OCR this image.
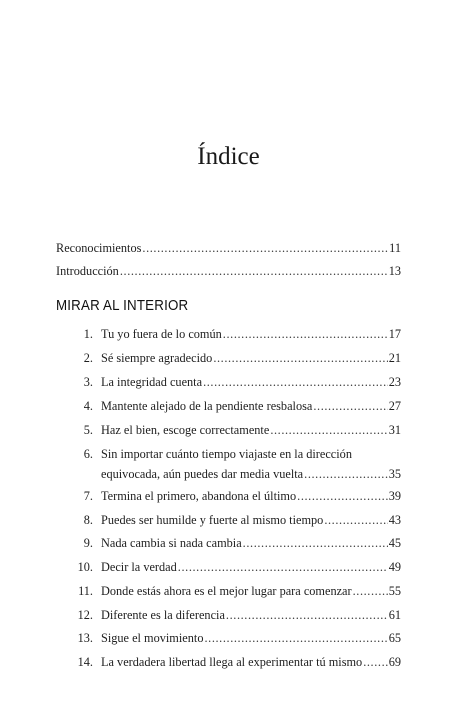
Índice
Reconocimientos .....	11
Introducción .....	13
MIRAR AL INTERIOR
1. Tu yo fuera de lo común .....	17
2. Sé siempre agradecido .....	21
3. La integridad cuenta .....	23
4. Mantente alejado de la pendiente resbalosa .....	27
5. Haz el bien, escoge correctamente .....	31
6. Sin importar cuánto tiempo viajaste en la dirección
equivocada, aún puedes dar media vuelta .....	35
7. Termina el primero, abandona el último .....	39
8. Puedes ser humilde y fuerte al mismo tiempo .....	43
9. Nada cambia si nada cambia .....	45
10. Decir la verdad .....	49
11. Donde estás ahora es el mejor lugar para comenzar .....	55
12. Diferente es la diferencia .....	61
13. Sigue el movimiento .....	65
14. La verdadera libertad llega al experimentar tú mismo ..... 69
